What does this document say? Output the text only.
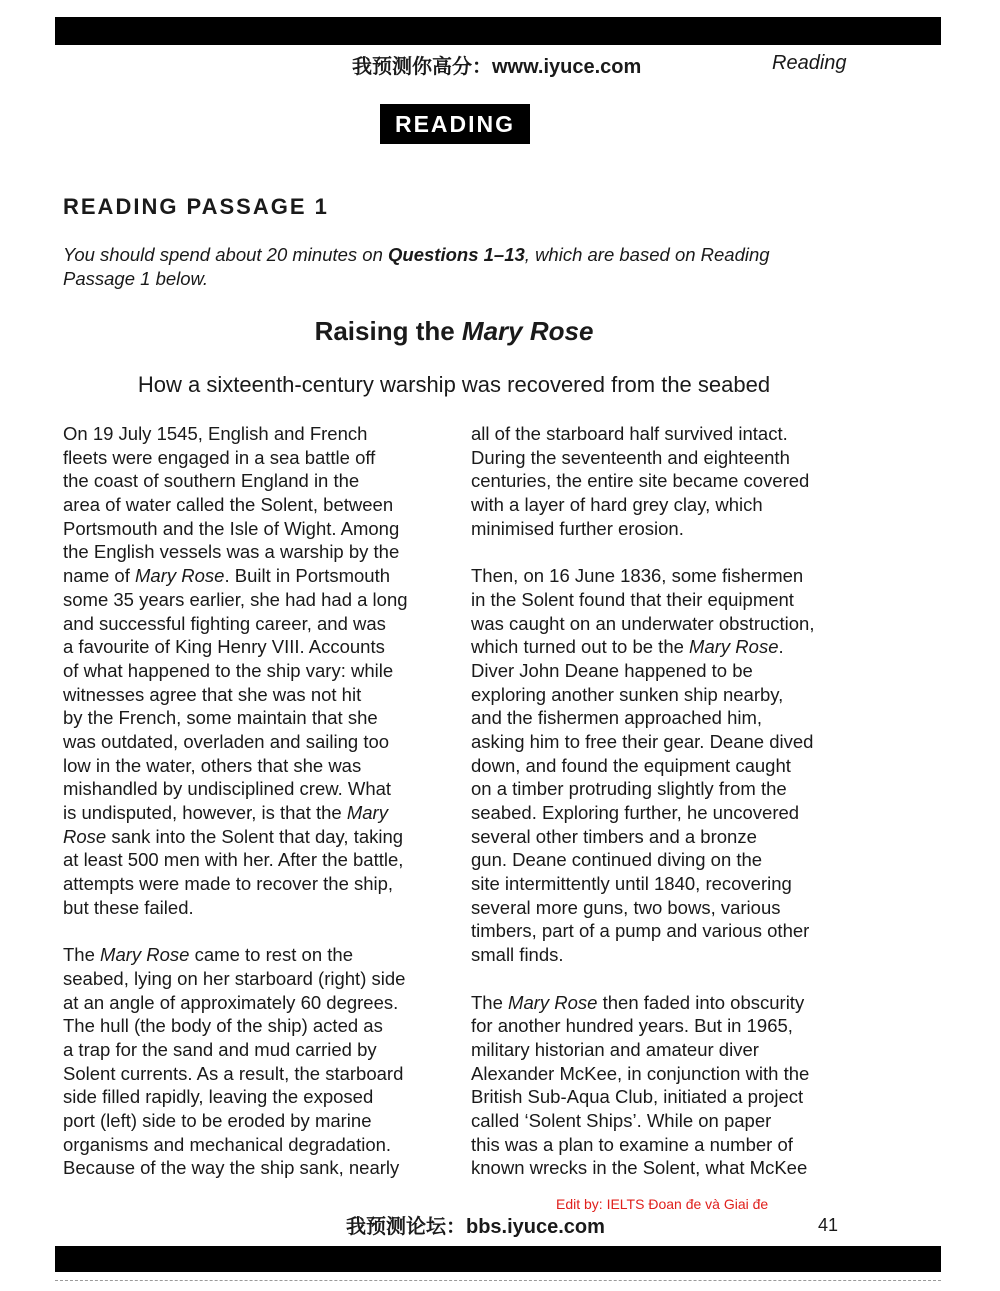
我预测你高分：www.iyuce.com	Reading
READING
READING PASSAGE 1
You should spend about 20 minutes on Questions 1–13, which are based on Reading
Passage 1 below.
Raising the Mary Rose
How a sixteenth-century warship was recovered from the seabed
On 19 July 1545, English and French
fleets were engaged in a sea battle off
the coast of southern England in the
area of water called the Solent, between
Portsmouth and the Isle of Wight. Among
the English vessels was a warship by the
name of Mary Rose. Built in Portsmouth
some 35 years earlier, she had had a long
and successful fighting career, and was
a favourite of King Henry VIII. Accounts
of what happened to the ship vary: while
witnesses agree that she was not hit
by the French, some maintain that she
was outdated, overladen and sailing too
low in the water, others that she was
mishandled by undisciplined crew. What
is undisputed, however, is that the Mary
Rose sank into the Solent that day, taking
at least 500 men with her. After the battle,
attempts were made to recover the ship,
but these failed.
The Mary Rose came to rest on the
seabed, lying on her starboard (right) side
at an angle of approximately 60 degrees.
The hull (the body of the ship) acted as
a trap for the sand and mud carried by
Solent currents. As a result, the starboard
side filled rapidly, leaving the exposed
port (left) side to be eroded by marine
organisms and mechanical degradation.
Because of the way the ship sank, nearly
all of the starboard half survived intact.
During the seventeenth and eighteenth
centuries, the entire site became covered
with a layer of hard grey clay, which
minimised further erosion.
Then, on 16 June 1836, some fishermen
in the Solent found that their equipment
was caught on an underwater obstruction,
which turned out to be the Mary Rose.
Diver John Deane happened to be
exploring another sunken ship nearby,
and the fishermen approached him,
asking him to free their gear. Deane dived
down, and found the equipment caught
on a timber protruding slightly from the
seabed. Exploring further, he uncovered
several other timbers and a bronze
gun. Deane continued diving on the
site intermittently until 1840, recovering
several more guns, two bows, various
timbers, part of a pump and various other
small finds.
The Mary Rose then faded into obscurity
for another hundred years. But in 1965,
military historian and amateur diver
Alexander McKee, in conjunction with the
British Sub-Aqua Club, initiated a project
called ‘Solent Ships’. While on paper
this was a plan to examine a number of
known wrecks in the Solent, what McKee
Edit by: IELTS Đoan đe và Giai đe
我预测论坛：bbs.iyuce.com	41
